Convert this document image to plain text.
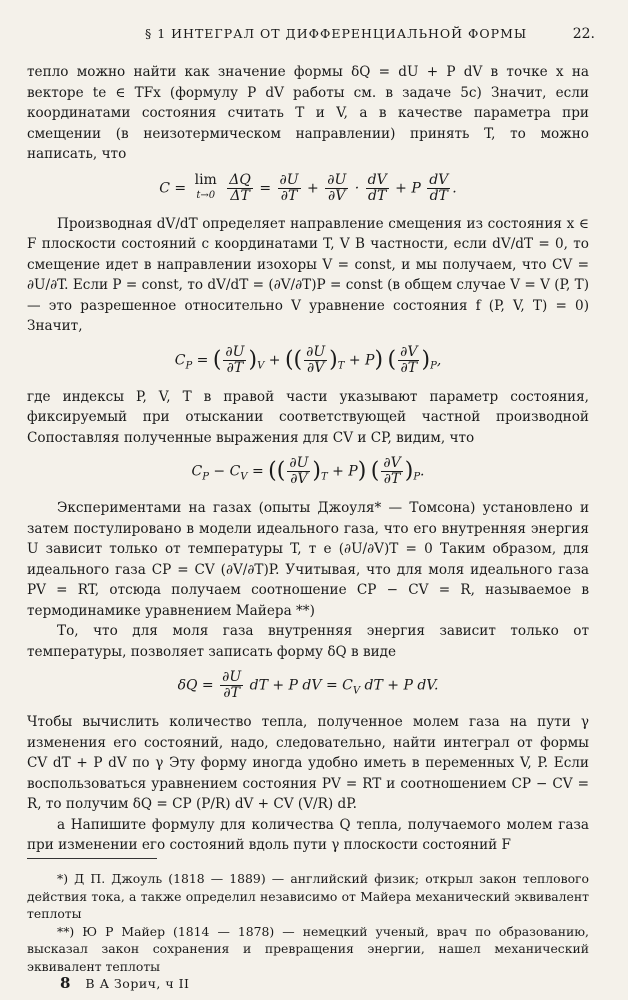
§ 1 ИНТЕГРАЛ ОТ ДИФФЕРЕНЦИАЛЬНОЙ ФОРМЫ	22.

тепло можно найти как значение формы δQ = dU + P dV в точке x на векторе te ∈ TFx (формулу P dV работы см. в задаче 5с) Значит, если координатами состояния считать T и V, а в качестве параметра при смещении (в неизотермическом направлении) принять T, то можно написать, что

C = lim
t→0
$\frac{\Delta Q}{\Delta T} = \frac{\partial U}{\partial T} + \frac{\partial U}{\partial V} \cdot \frac{dV}{dT} + P \frac{dV}{dT}$ .

Производная dV/dT определяет направление смещения из состояния x ∈ F плоскости состояний с координатами T, V В частности, если dV/dT = 0, то смещение идет в направлении изохоры V = const, и мы получаем, что CV = ∂U/∂T. Если P = const, то dV/dT = (∂V/∂T)P = const (в общем случае V = V (P, T) — это разрешенное относительно V уравнение состояния f (P, V, T) = 0) Значит,

$C_P$ = ( $\frac{\partial U}{\partial T} )_V$ + (( $\frac{\partial U}{\partial V} )_T + P$) ( $\frac{\partial V}{\partial T} )_P$,

где индексы P, V, T в правой части указывают параметр состояния, фиксируемый при отыскании соответствующей частной производной Сопоставляя полученные выражения для CV и CP, видим, что

$C_P - C_V$ = (( $\frac{\partial U}{\partial V} )_T + P$) ( $\frac{\partial V}{\partial T} )_P$.

Экспериментами на газах (опыты Джоуля* — Томсона) установлено и затем постулировано в модели идеального газа, что его внутренняя энергия U зависит только от температуры T, т е (∂U/∂V)T = 0 Таким образом, для идеального газа CP = CV (∂V/∂T)P. Учитывая, что для моля идеального газа PV = RT, отсюда получаем соотношение CP − CV = R, называемое в термодинамике уравнением Майера **)

То, что для моля газа внутренняя энергия зависит только от температуры, позволяет записать форму δQ в виде

$\delta Q = \frac{\partial U}{\partial T}$ dT + P dV = $C_V$ dT + P dV.

Чтобы вычислить количество тепла, полученное молем газа на пути γ изменения его состояний, надо, следовательно, найти интеграл от формы CV dT + P dV по γ Эту форму иногда удобно иметь в переменных V, P. Если воспользоваться уравнением состояния PV = RT и соотношением CP − CV = R, то получим δQ = CP (P/R) dV + CV (V/R) dP.

а Напишите формулу для количества Q тепла, получаемого молем газа при изменении его состояний вдоль пути γ плоскости состояний F

*) Д П. Джоуль (1818 — 1889) — английский физик; открыл закон теплового действия тока, а также определил независимо от Майера механический эквивалент теплоты

**) Ю Р Майер (1814 — 1878) — немецкий ученый, врач по образованию, высказал закон сохранения и превращения энергии, нашел механический эквивалент теплоты

8 В А Зорич, ч II
